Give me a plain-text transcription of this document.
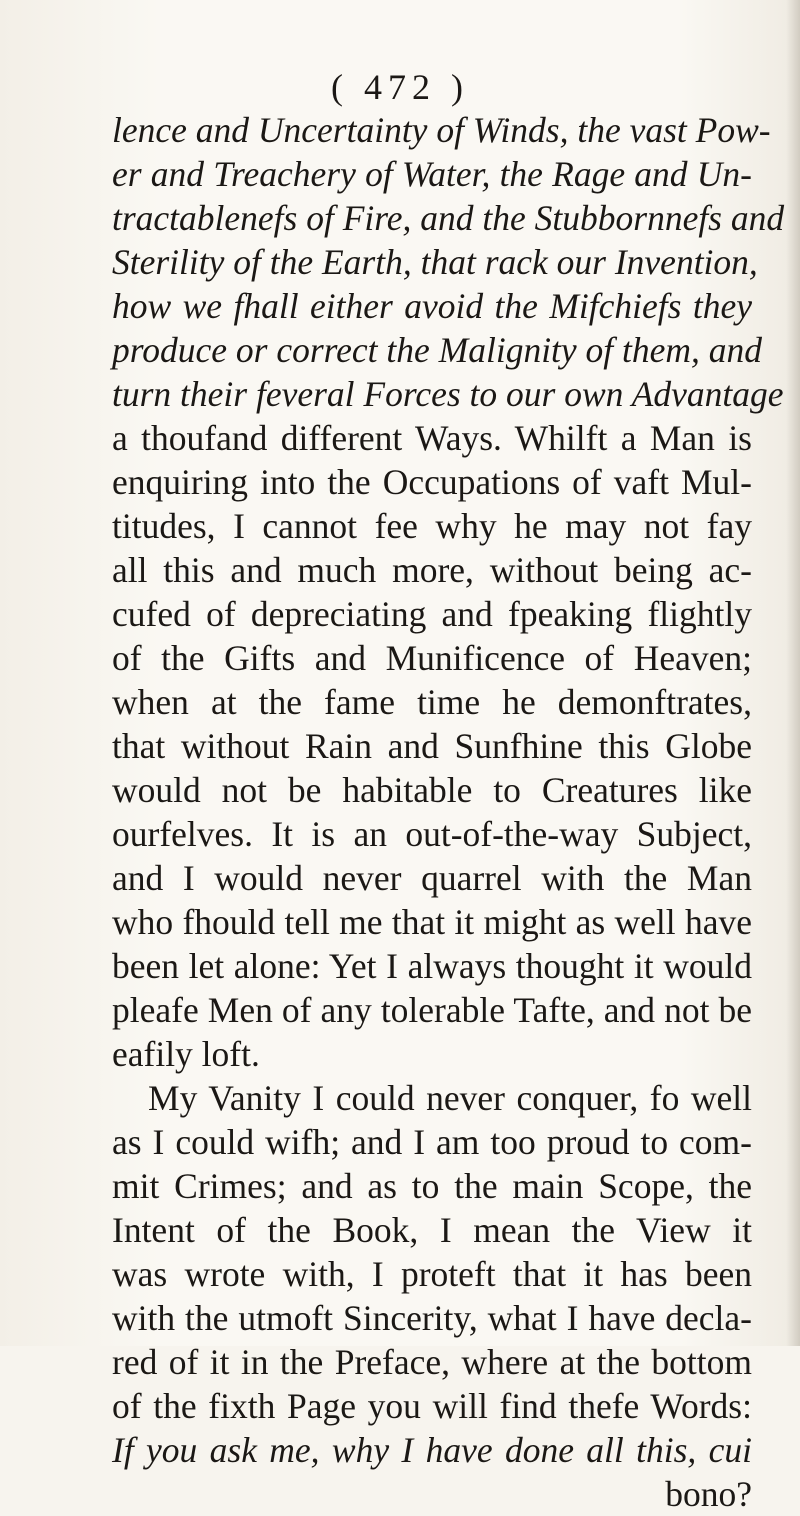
( 472 )
lence and Uncertainty of Winds, the vast Pow-
er and Treachery of Water, the Rage and Un-
tractablenefs of Fire, and the Stubbornnefs and
Sterility of the Earth, that rack our Invention,
how we fhall either avoid the Mifchiefs they
produce or correct the Malignity of them, and
turn their feveral Forces to our own Advantage
a thoufand different Ways. Whilft a Man is
enquiring into the Occupations of vaft Mul-
titudes, I cannot fee why he may not fay
all this and much more, without being ac-
cufed of depreciating and fpeaking flightly
of the Gifts and Munificence of Heaven;
when at the fame time he demonftrates,
that without Rain and Sunfhine this Globe
would not be habitable to Creatures like
ourfelves. It is an out-of-the-way Subject,
and I would never quarrel with the Man
who fhould tell me that it might as well have
been let alone: Yet I always thought it would
pleafe Men of any tolerable Tafte, and not be
eafily loft.
My Vanity I could never conquer, fo well
as I could wifh; and I am too proud to com-
mit Crimes; and as to the main Scope, the
Intent of the Book, I mean the View it
was wrote with, I proteft that it has been
with the utmoft Sincerity, what I have decla-
red of it in the Preface, where at the bottom
of the fixth Page you will find thefe Words:
If you ask me, why I have done all this, cui
bono?
